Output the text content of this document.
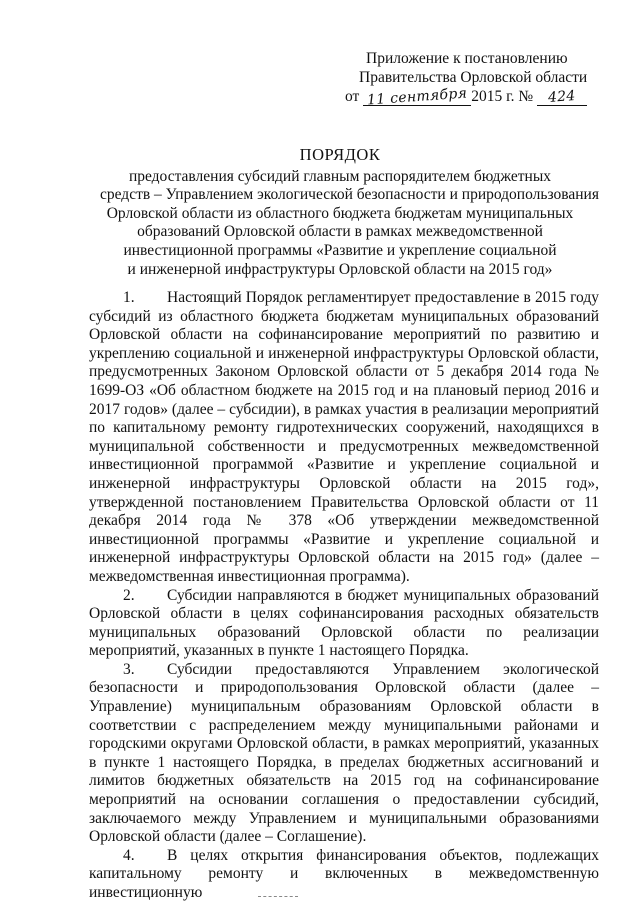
Приложение к постановлению
Правительства Орловской области
от 11 сентября 2015 г. № 424
ПОРЯДОК
предоставления субсидий главным распорядителем бюджетных
средств – Управлением экологической безопасности и природопользования
Орловской области из областного бюджета бюджетам муниципальных
образований Орловской области в рамках межведомственной
инвестиционной программы «Развитие и укрепление социальной
и инженерной инфраструктуры Орловской области на 2015 год»

1. Настоящий Порядок регламентирует предоставление в 2015 году субсидий из областного бюджета бюджетам муниципальных образований Орловской области на софинансирование мероприятий по развитию и укреплению социальной и инженерной инфраструктуры Орловской области, предусмотренных Законом Орловской области от 5 декабря 2014 года № 1699-ОЗ «Об областном бюджете на 2015 год и на плановый период 2016 и 2017 годов» (далее – субсидии), в рамках участия в реализации мероприятий по капитальному ремонту гидротехнических сооружений, находящихся в муниципальной собственности и предусмотренных межведомственной инвестиционной программой «Развитие и укрепление социальной и инженерной инфраструктуры Орловской области на 2015 год», утвержденной постановлением Правительства Орловской области от 11 декабря 2014 года № 378 «Об утверждении межведомственной инвестиционной программы «Развитие и укрепление социальной и инженерной инфраструктуры Орловской области на 2015 год» (далее – межведомственная инвестиционная программа).

2. Субсидии направляются в бюджет муниципальных образований Орловской области в целях софинансирования расходных обязательств муниципальных образований Орловской области по реализации мероприятий, указанных в пункте 1 настоящего Порядка.

3. Субсидии предоставляются Управлением экологической безопасности и природопользования Орловской области (далее – Управление) муниципальным образованиям Орловской области в соответствии с распределением между муниципальными районами и городскими округами Орловской области, в рамках мероприятий, указанных в пункте 1 настоящего Порядка, в пределах бюджетных ассигнований и лимитов бюджетных обязательств на 2015 год на софинансирование мероприятий на основании соглашения о предоставлении субсидий, заключаемого между Управлением и муниципальными образованиями Орловской области (далее – Соглашение).

4. В целях открытия финансирования объектов, подлежащих капитальному ремонту и включенных в межведомственную инвестиционную
